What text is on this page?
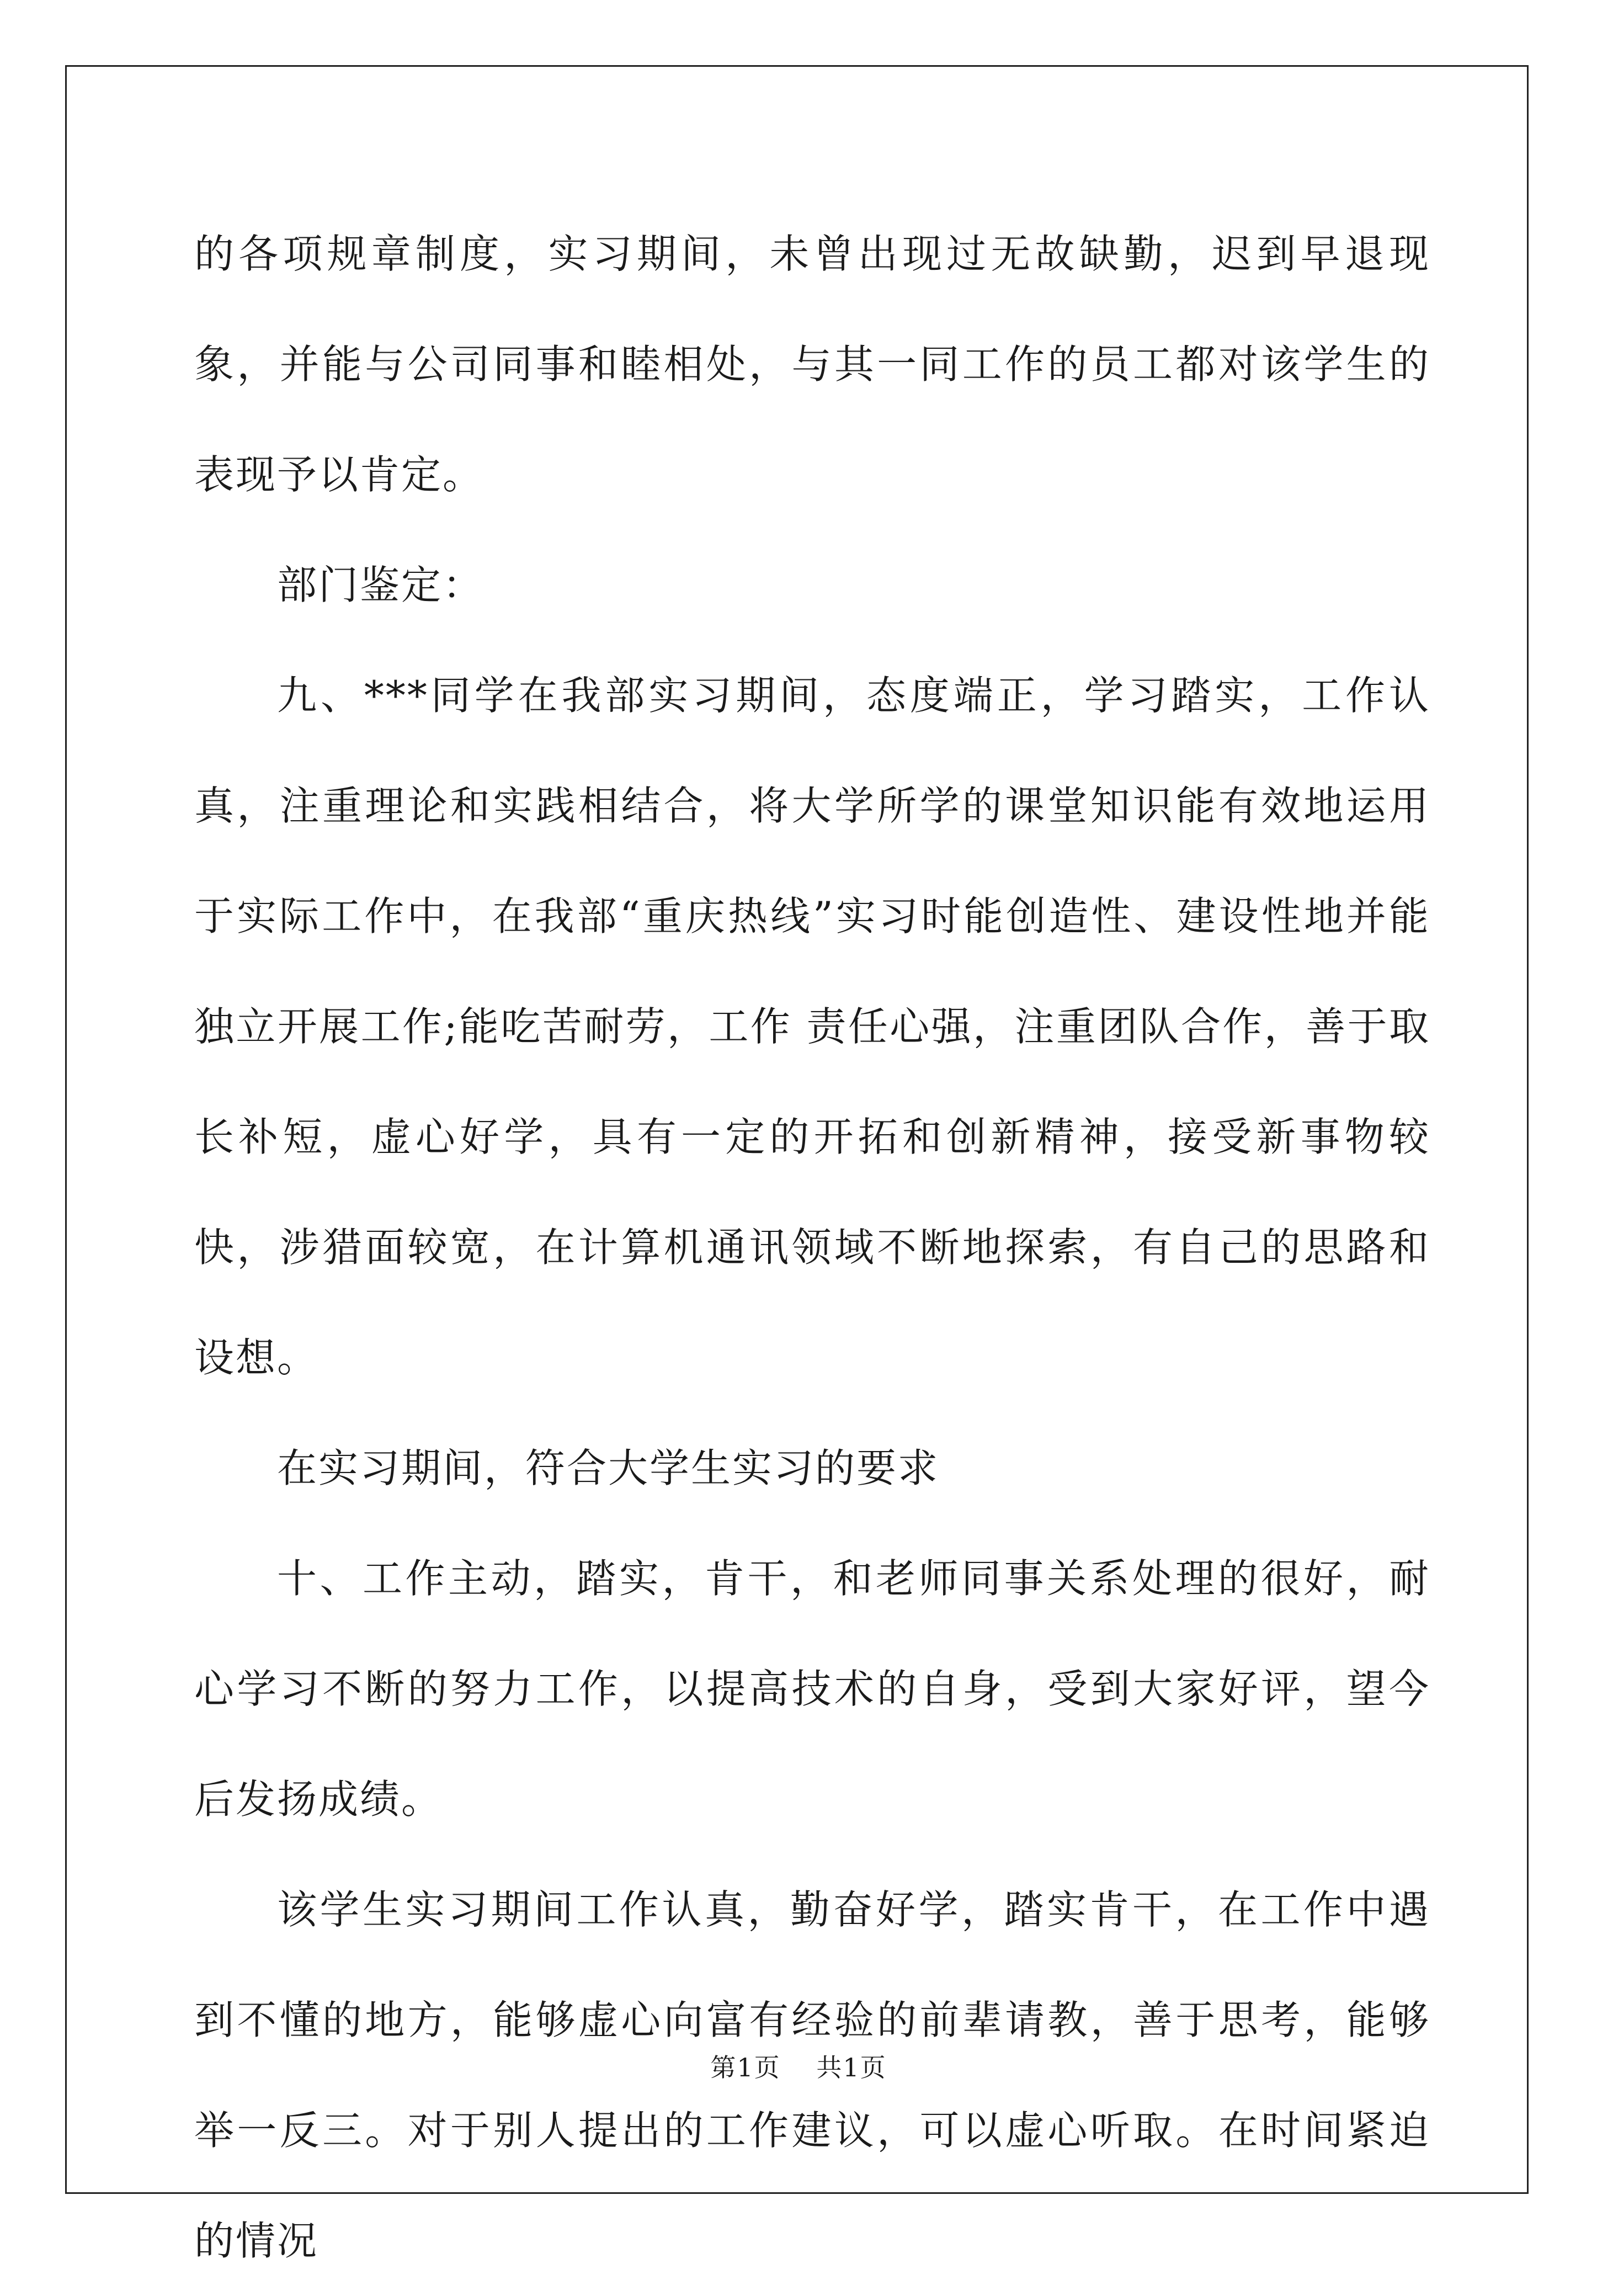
的各项规章制度，实习期间，未曾出现过无故缺勤，迟到早退现象，并能与公司同事和睦相处，与其一同工作的员工都对该学生的表现予以肯定。

部门鉴定：

九、***同学在我部实习期间，态度端正，学习踏实，工作认真，注重理论和实践相结合，将大学所学的课堂知识能有效地运用于实际工作中，在我部“重庆热线”实习时能创造性、建设性地并能独立开展工作;能吃苦耐劳，工作 责任心强，注重团队合作，善于取长补短，虚心好学，具有一定的开拓和创新精神，接受新事物较快，涉猎面较宽，在计算机通讯领域不断地探索，有自己的思路和设想。

在实习期间，符合大学生实习的要求

十、工作主动，踏实，肯干，和老师同事关系处理的很好，耐心学习不断的努力工作，以提高技术的自身，受到大家好评，望今后发扬成绩。

该学生实习期间工作认真，勤奋好学，踏实肯干，在工作中遇到不懂的地方，能够虚心向富有经验的前辈请教，善于思考，能够举一反三。对于别人提出的工作建议，可以虚心听取。在时间紧迫的情况

第1页 共1页
